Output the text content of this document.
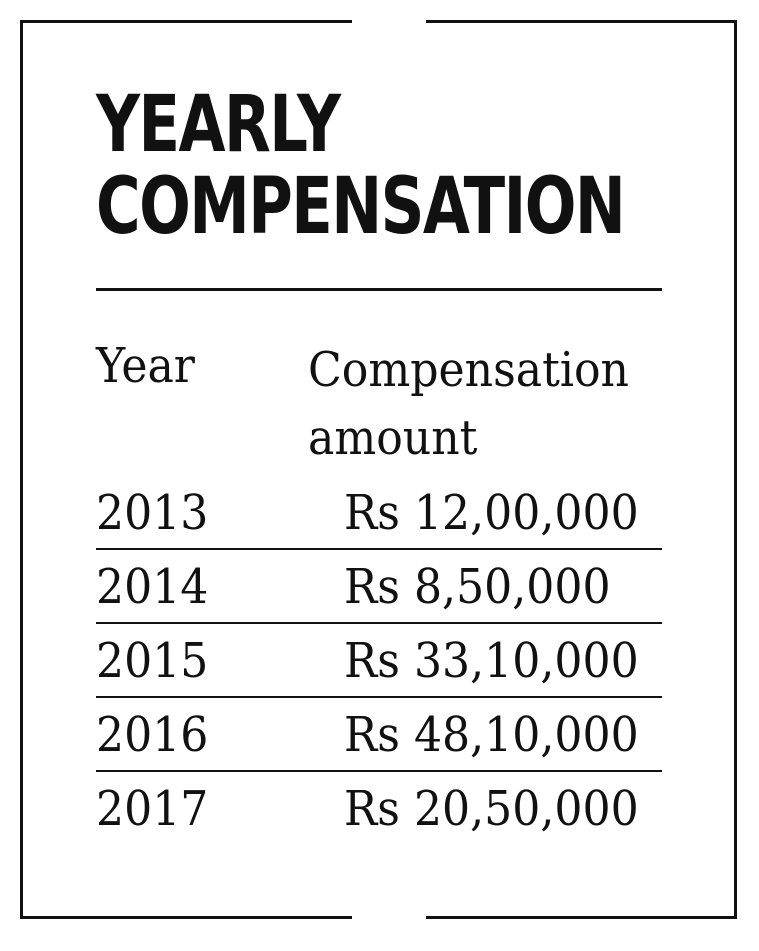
YEARLY
COMPENSATION
Year Compensation amount
2013	Rs 12,00,000
2014	Rs 8,50,000
2015	Rs 33,10,000
2016	Rs 48,10,000
2017	Rs 20,50,000
